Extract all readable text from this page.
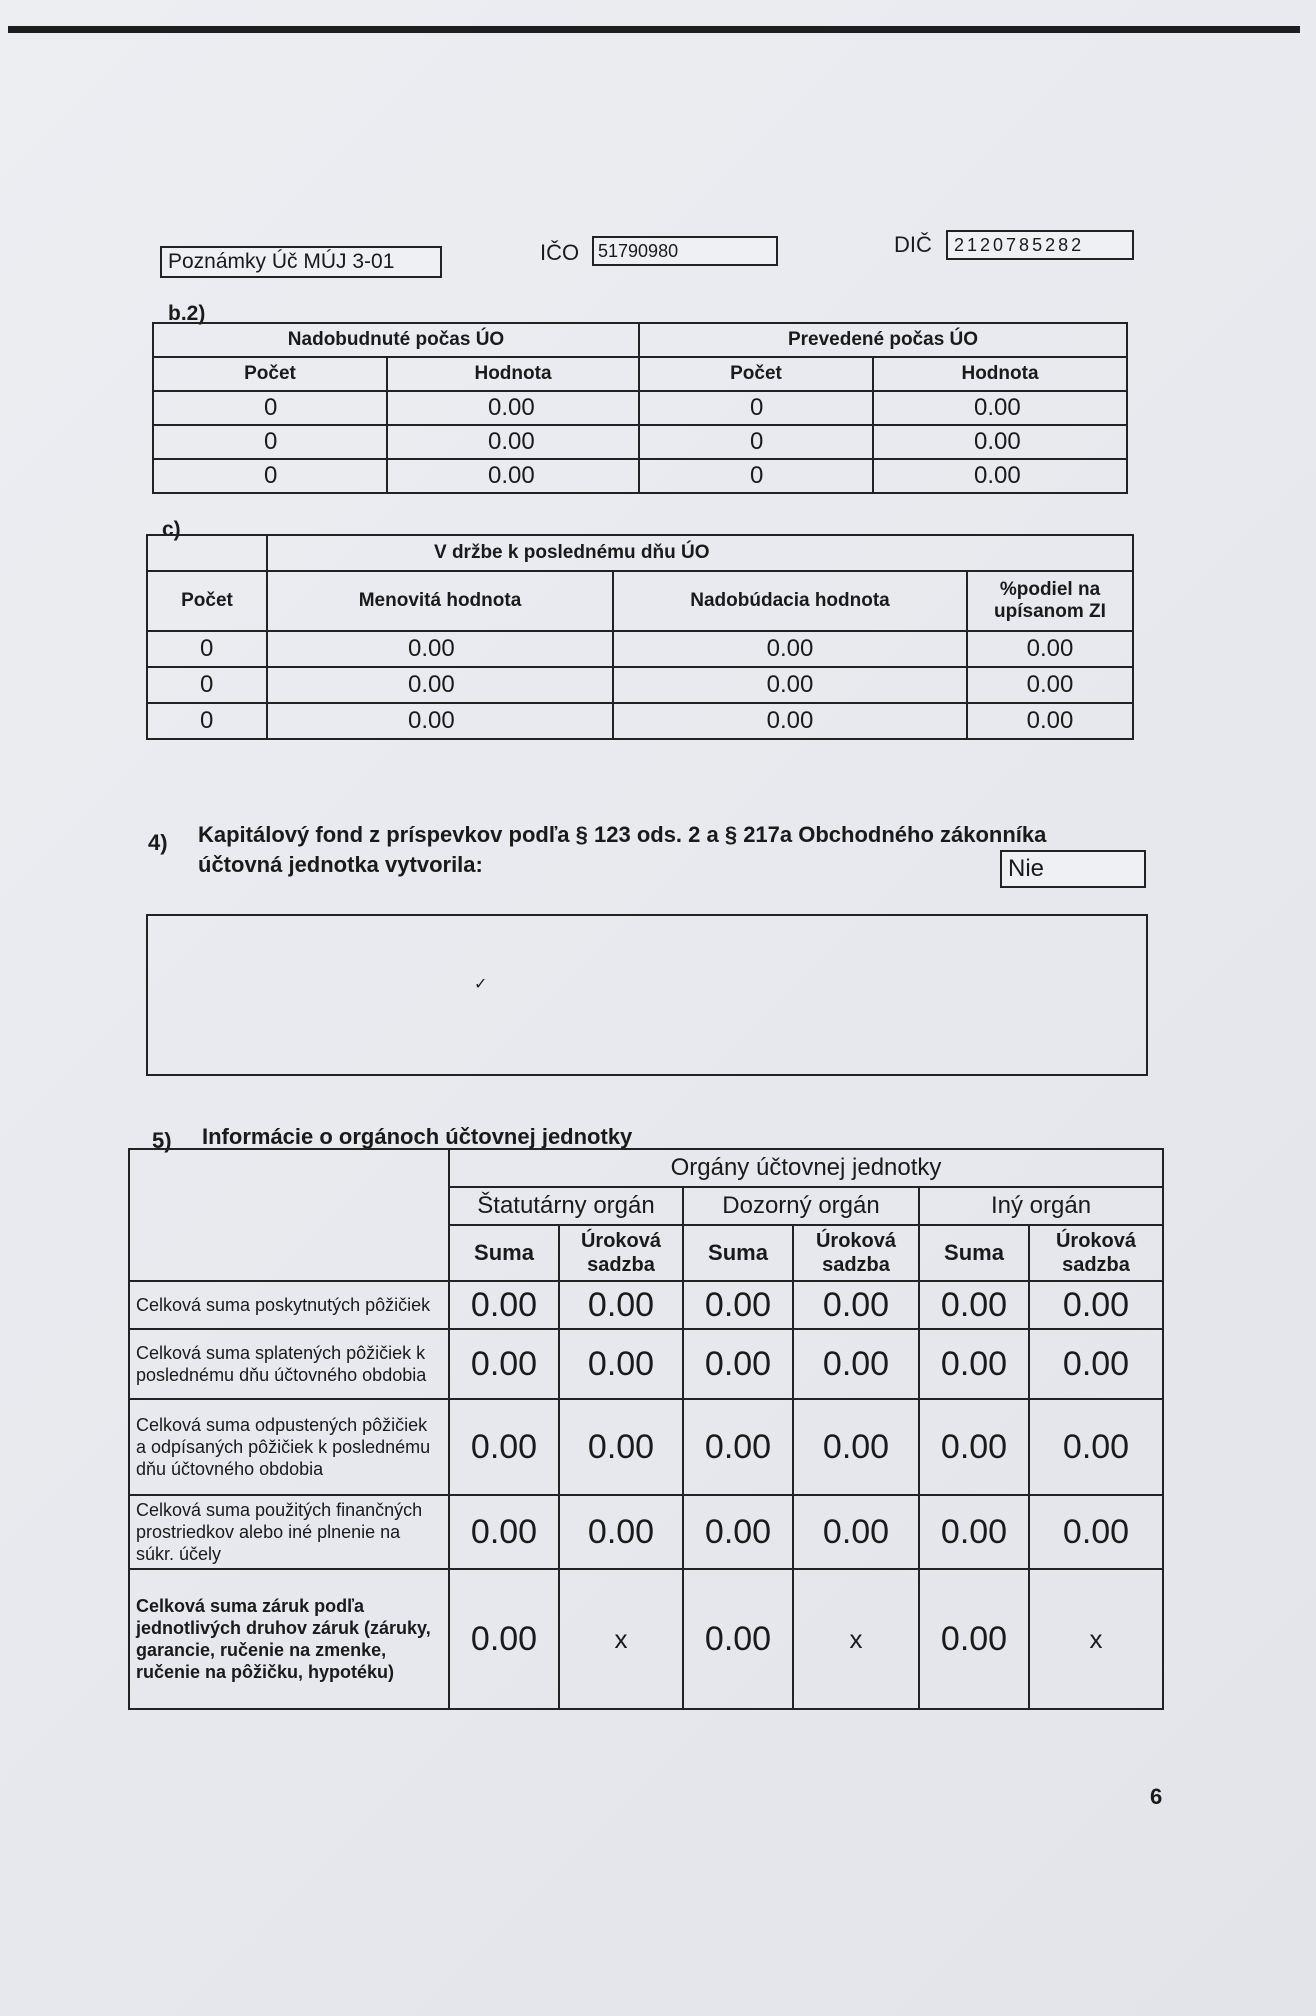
Poznámky Úč MÚJ 3-01	IČO	51790980	DIČ	2120785282
b.2)
Nadobudnuté počas ÚO		Prevedené počas ÚO	
Počet	Hodnota	Počet	Hodnota
0	0.00	0	0.00
0	0.00	0	0.00
0	0.00	0	0.00
c)
	V držbe k poslednému dňu ÚO		
Počet	Menovitá hodnota	Nadobúdacia hodnota	%podiel na upísanom ZI
0	0.00	0.00	0.00
0	0.00	0.00	0.00
0	0.00	0.00	0.00
4) Kapitálový fond z príspevkov podľa § 123 ods. 2 a § 217a Obchodného zákonníka účtovná jednotka vytvorila:	Nie
✓
5) Informácie o orgánoch účtovnej jednotky
	Orgány účtovnej jednotky					
	Štatutárny orgán		Dozorný orgán		Iný orgán	
	Suma	Úroková sadzba	Suma	Úroková sadzba	Suma	Úroková sadzba
Celková suma poskytnutých pôžičiek	0.00	0.00	0.00	0.00	0.00	0.00
Celková suma splatených pôžičiek k poslednému dňu účtovného obdobia	0.00	0.00	0.00	0.00	0.00	0.00
Celková suma odpustených pôžičiek a odpísaných pôžičiek k poslednému dňu účtovného obdobia	0.00	0.00	0.00	0.00	0.00	0.00
Celková suma použitých finančných prostriedkov alebo iné plnenie na súkr. účely	0.00	0.00	0.00	0.00	0.00	0.00
Celková suma záruk podľa jednotlivých druhov záruk (záruky, garancie, ručenie na zmenke, ručenie na pôžičku, hypotéku)	0.00	x	0.00	x	0.00	x
6
